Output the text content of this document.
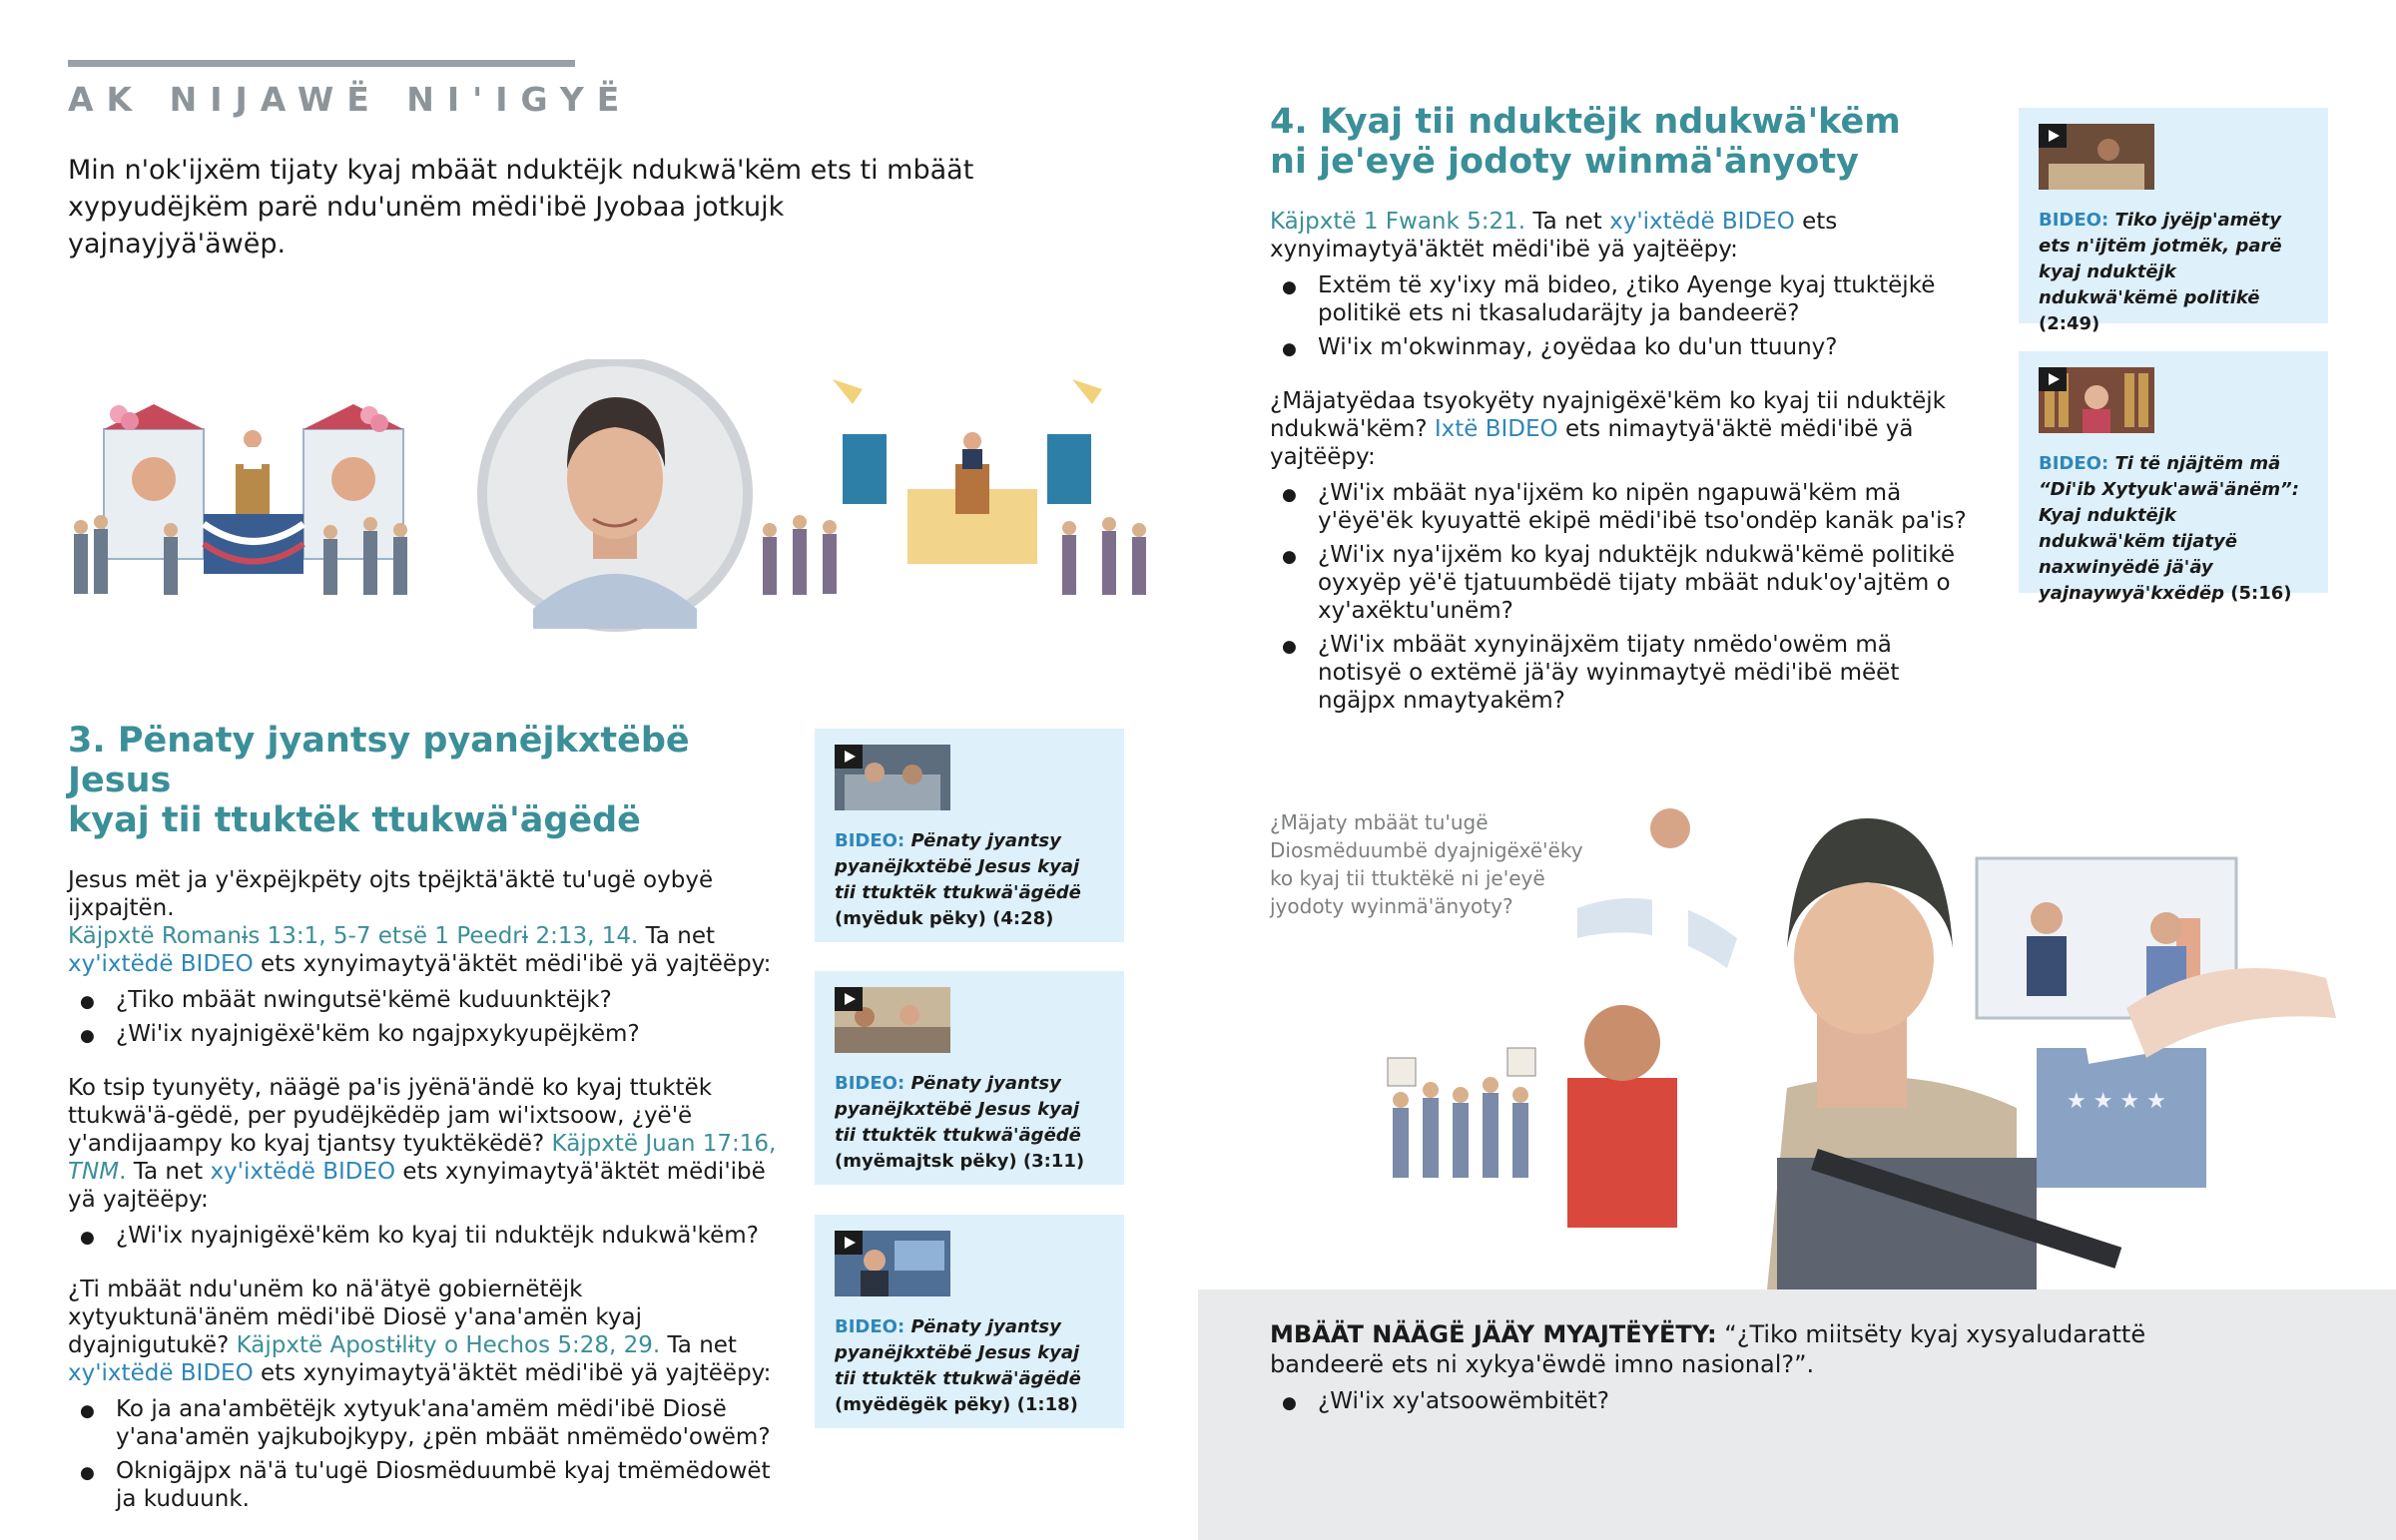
AK NIJAWË NI'IGYË
Min n'ok'ijxëm tijaty kyaj mbäät nduktëjk ndukwä'këm ets ti mbäät xypyudëjkëm parë ndu'unëm mëdi'ibë Jyobaa jotkujk yajnayjyä'äwëp.
3. Pënaty jyantsy pyanëjkxtëbë Jesus
kyaj tii ttuktëk ttukwä'ägëdë

Jesus mët ja y'ëxpëjkpëty ojts tpëjktä'äktë tu'ugë oybyë ijxpajtën.
Käjpxtë Romanɨs 13:1, 5-7 etsë 1 Peedrɨ 2:13, 14. Ta net xy'ixtëdë BIDEO ets xynyimaytyä'äktët mëdi'ibë yä yajtëëpy:

● ¿Tiko mbäät nwingutsë'këmë kuduunktëjk?
● ¿Wi'ix nyajnigëxë'këm ko ngajpxykyupëjkëm?

Ko tsip tyunyëty, näägë pa'is jyënä'ändë ko kyaj ttuktëk ttukwä'ä-gëdë, per pyudëjkëdëp jam wi'ixtsoow, ¿yë'ë y'andijaampy ko kyaj tjantsy tyuktëkëdë? Käjpxtë Juan 17:16, TNM. Ta net xy'ixtëdë BIDEO ets xynyimaytyä'äktët mëdi'ibë yä yajtëëpy:

● ¿Wi'ix nyajnigëxë'këm ko kyaj tii nduktëjk ndukwä'këm?

¿Ti mbäät ndu'unëm ko nä'ätyë gobiernëtëjk xytyuktunä'änëm mëdi'ibë Diosë y'ana'amën kyaj dyajnigutukë? Käjpxtë Apostɨlɨty o Hechos 5:28, 29. Ta net xy'ixtëdë BIDEO ets xynyimaytyä'äktët mëdi'ibë yä yajtëëpy:

● Ko ja ana'ambëtëjk xytyuk'ana'amëm mëdi'ibë Diosë y'ana'amën yajkubojkypy, ¿pën mbäät nmëmëdo'owëm?
● Oknigäjpx nä'ä tu'ugë Diosmëduumbë kyaj tmëmëdowët ja kuduunk.
BIDEO: Pënaty jyantsy pyanëjkxtëbë Jesus kyaj tii ttuktëk ttukwä'ägëdë (myëduk pëky) (4:28)
BIDEO: Pënaty jyantsy pyanëjkxtëbë Jesus kyaj tii ttuktëk ttukwä'ägëdë (myëmajtsk pëky) (3:11)
BIDEO: Pënaty jyantsy pyanëjkxtëbë Jesus kyaj tii ttuktëk ttukwä'ägëdë (myëdëgëk pëky) (1:18)
4. Kyaj tii nduktëjk ndukwä'këm
ni je'eyë jodoty winmä'änyoty

Käjpxtë 1 Fwank 5:21. Ta net xy'ixtëdë BIDEO ets xynyimaytyä'äktët mëdi'ibë yä yajtëëpy:

● Extëm të xy'ixy mä bideo, ¿tiko Ayenge kyaj ttuktëjkë politikë ets ni tkasaludaräjty ja bandeerë?
● Wi'ix m'okwinmay, ¿oyëdaa ko du'un ttuuny?

¿Mäjatyëdaa tsyokyëty nyajnigëxë'këm ko kyaj tii nduktëjk ndukwä'këm? Ixtë BIDEO ets nimaytyä'äktë mëdi'ibë yä yajtëëpy:

● ¿Wi'ix mbäät nya'ijxëm ko nipën ngapuwä'këm mä y'ëyë'ëk kyuyattë ekipë mëdi'ibë tso'ondëp kanäk pa'is?
● ¿Wi'ix nya'ijxëm ko kyaj nduktëjk ndukwä'këmë politikë oyxyëp yë'ë tjatuumbëdë tijaty mbäät nduk'oy'ajtëm o xy'axëktu'unëm?
● ¿Wi'ix mbäät xynyinäjxëm tijaty nmëdo'owëm mä notisyë o extëmë jä'äy wyinmaytyë mëdi'ibë mëët ngäjpx nmaytyakëm?
BIDEO: Tiko jyëjp'amëty ets n'ijtëm jotmëk, parë kyaj nduktëjk ndukwä'këmë politikë (2:49)
BIDEO: Ti të njäjtëm mä “Di'ib Xytyuk'awä'änëm”: Kyaj nduktëjk ndukwä'këm tijatyë naxwinyëdë jä'äy yajnaywyä'kxëdëp (5:16)
★ ★ ★ ★
¿Mäjaty mbäät tu'ugë Diosmëduumbë dyajnigëxë'ëky ko kyaj tii ttuktëkë ni je'eyë jyodoty wyinmä'änyoty?
MBÄÄT NÄÄGË JÄÄY MYAJTËYËTY: “¿Tiko miitsëty kyaj xysyaludarattë bandeerë ets ni xykya'ëwdë imno nasional?”.
● ¿Wi'ix xy'atsoowëmbitët?
